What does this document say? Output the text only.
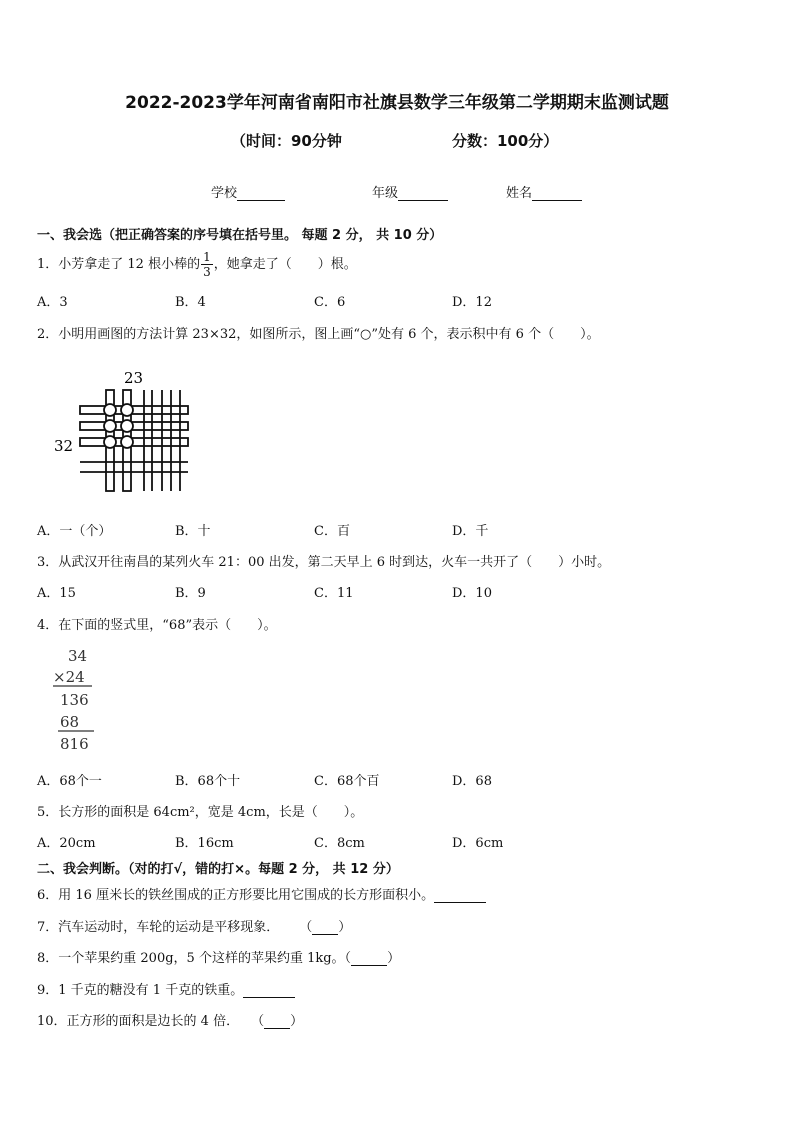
2022-2023学年河南省南阳市社旗县数学三年级第二学期期末监测试题
（时间：90分钟	分数：100分）
学校	年级	姓名
一、我会选（把正确答案的序号填在括号里。 每题 2 分， 共 10 分）
1．小芳拿走了 12 根小棒的 $\frac{1}{3}$ ，她拿走了（　　）根。
A．3	B．4	C．6	D．12
2．小明用画图的方法计算 23×32，如图所示，图上画“○”处有 6 个，表示积中有 6 个（　　）。
23
32
A．一（个）	B．十	C．百	D．千
3．从武汉开往南昌的某列火车 21：00 出发，第二天早上 6 时到达，火车一共开了（　　）小时。
A．15	B．9	C．11	D．10
4．在下面的竖式里，“68”表示（　　）。
34
×24
136
68
816
A．68个一	B．68个十	C．68个百	D．68
5．长方形的面积是 64cm²，宽是 4cm，长是（　　）。
A．20cm	B．16cm	C．8cm	D．6cm
二、我会判断。（对的打√，错的打×。每题 2 分， 共 12 分）
6．用 16 厘米长的铁丝围成的正方形要比用它围成的长方形面积小。
7．汽车运动时，车轮的运动是平移现象． （ ）
8．一个苹果约重 200g，5 个这样的苹果约重 1kg。（	）
9．1 千克的糖没有 1 千克的铁重。
10．正方形的面积是边长的 4 倍． （ ）
